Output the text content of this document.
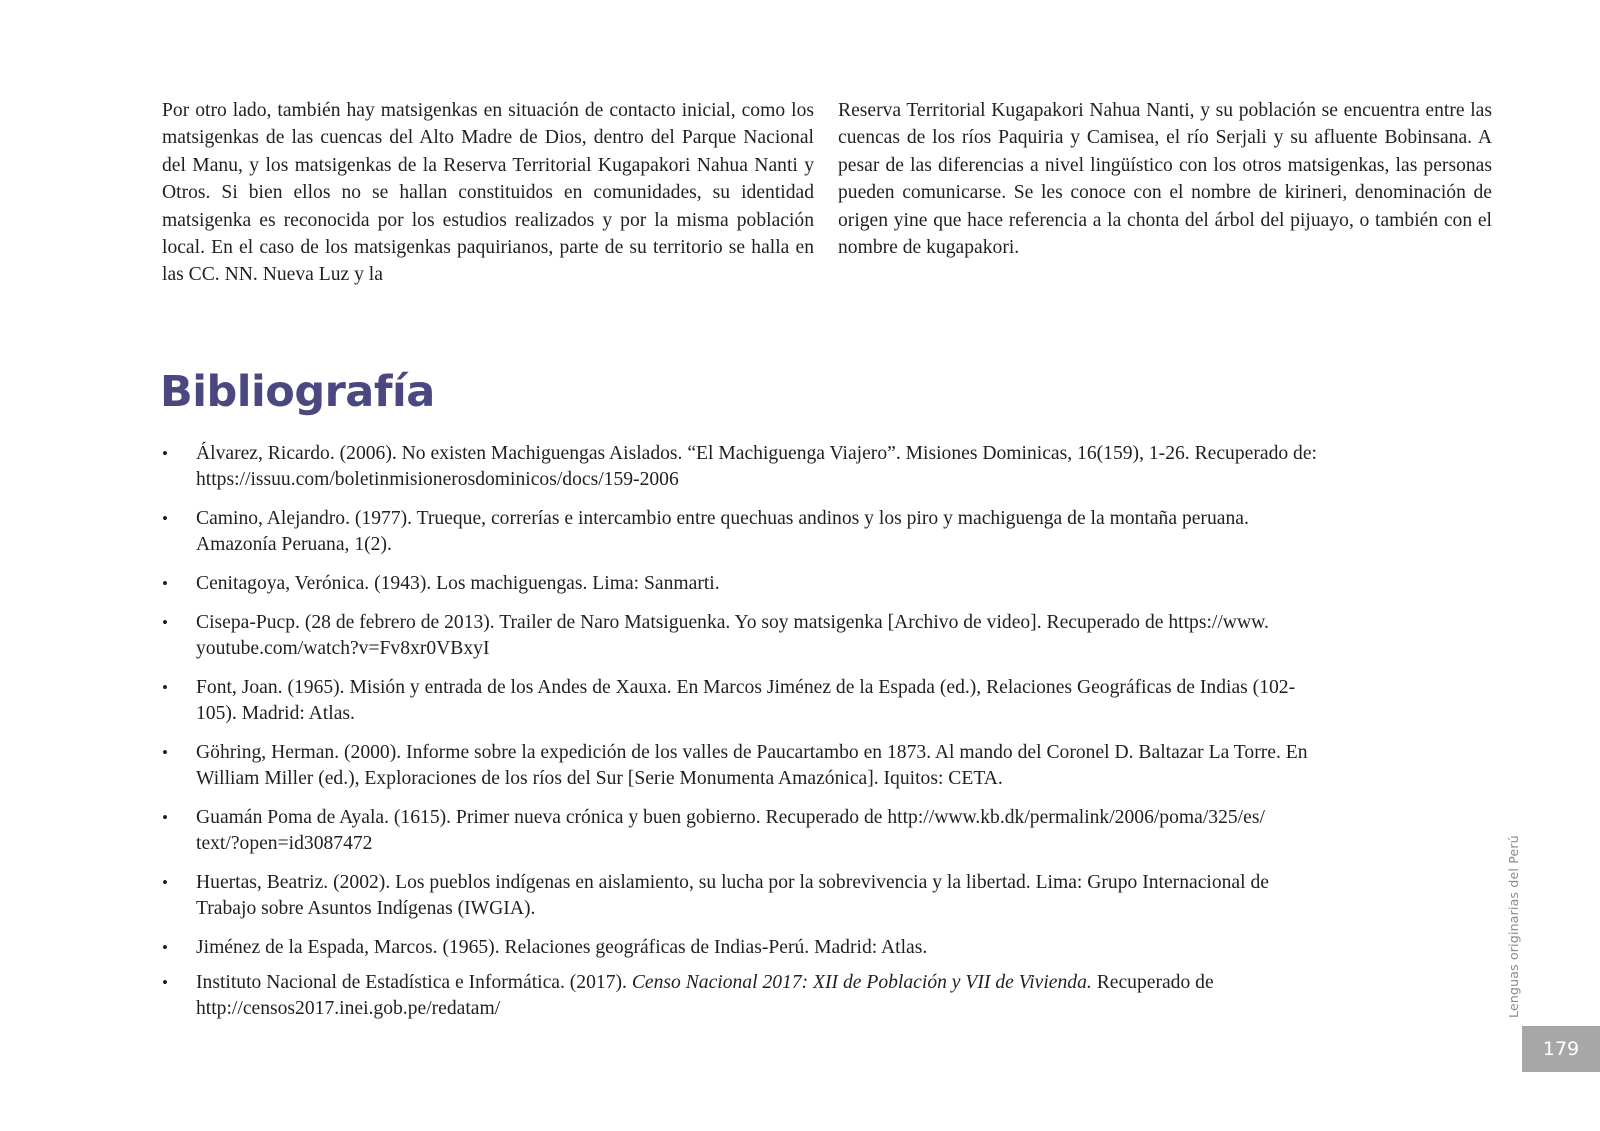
Por otro lado, también hay matsigenkas en situación de contacto inicial, como los matsigenkas de las cuencas del Alto Madre de Dios, dentro del Parque Nacional del Manu, y los matsigenkas de la Reserva Territorial Kugapakori Nahua Nanti y Otros. Si bien ellos no se hallan constituidos en comunidades, su identidad matsigenka es reconocida por los estudios realizados y por la misma población local. En el caso de los matsigenkas paquirianos, parte de su territorio se halla en las CC. NN. Nueva Luz y la

Reserva Territorial Kugapakori Nahua Nanti, y su población se encuentra entre las cuencas de los ríos Paquiria y Camisea, el río Serjali y su afluente Bobinsana. A pesar de las diferencias a nivel lingüístico con los otros matsigenkas, las personas pueden comunicarse. Se les conoce con el nombre de kirineri, denominación de origen yine que hace referencia a la chonta del árbol del pijuayo, o también con el nombre de kugapakori.

Bibliografía
• Álvarez, Ricardo. (2006). No existen Machiguengas Aislados. “El Machiguenga Viajero”. Misiones Dominicas, 16(159), 1-26. Recuperado de:
https://issuu.com/boletinmisionerosdominicos/docs/159-2006
• Camino, Alejandro. (1977). Trueque, correrías e intercambio entre quechuas andinos y los piro y machiguenga de la montaña peruana.
Amazonía Peruana, 1(2).
• Cenitagoya, Verónica. (1943). Los machiguengas. Lima: Sanmarti.
• Cisepa-Pucp. (28 de febrero de 2013). Trailer de Naro Matsiguenka. Yo soy matsigenka [Archivo de video]. Recuperado de https://www.
youtube.com/watch?v=Fv8xr0VBxyI
• Font, Joan. (1965). Misión y entrada de los Andes de Xauxa. En Marcos Jiménez de la Espada (ed.), Relaciones Geográficas de Indias (102-
105). Madrid: Atlas.
• Göhring, Herman. (2000). Informe sobre la expedición de los valles de Paucartambo en 1873. Al mando del Coronel D. Baltazar La Torre. En
William Miller (ed.), Exploraciones de los ríos del Sur [Serie Monumenta Amazónica]. Iquitos: CETA.
• Guamán Poma de Ayala. (1615). Primer nueva crónica y buen gobierno. Recuperado de http://www.kb.dk/permalink/2006/poma/325/es/
text/?open=id3087472
• Huertas, Beatriz. (2002). Los pueblos indígenas en aislamiento, su lucha por la sobrevivencia y la libertad. Lima: Grupo Internacional de
Trabajo sobre Asuntos Indígenas (IWGIA).
• Jiménez de la Espada, Marcos. (1965). Relaciones geográficas de Indias-Perú. Madrid: Atlas.
• Instituto Nacional de Estadística e Informática. (2017). Censo Nacional 2017: XII de Población y VII de Vivienda. Recuperado de
http://censos2017.inei.gob.pe/redatam/	Lenguas originarias del Perú
179
